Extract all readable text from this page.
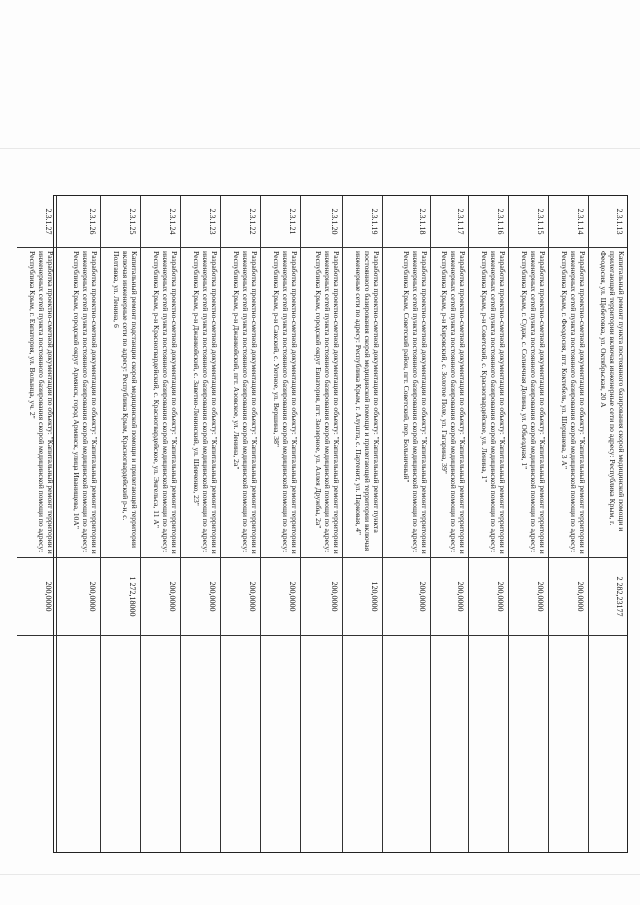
2.3.1.13
Капитальный ремонт пункта постоянного базирования скорой медицинской помощи и прилегающей территории включая инженерные сети по адресу: Республика Крым, г. Феодосия, ул. Щебетовка, ул. Октябрьская, 20 А
2 282,23177
2.3.1.14
Разработка проектно-сметной документации по объекту: "Капитальный ремонт территории и инженерных сетей пункта постоянного базирования скорой медицинской помощи по адресу: Республика Крым, г. Феодосия, пгт. Коктебель, ул. Шершнева, 3 А"
200,0000
2.3.1.15
Разработка проектно-сметной документации по объекту: "Капитальный ремонт территории и инженерных сетей пункта постоянного базирования скорой медицинской помощи по адресу: Республика Крым, г. Судак, с. Солнечная Долина, ул. Объездная, 1"
200,0000
2.3.1.16
Разработка проектно-сметной документации по объекту: "Капитальный ремонт территории и инженерных сетей пункта постоянного базирования скорой медицинской помощи по адресу: Республика Крым, р-н Советский, с. Красногвардейское, ул. Ленина, 1"
200,0000
2.3.1.17
Разработка проектно-сметной документации по объекту: "Капитальный ремонт территории и инженерных сетей пункта постоянного базирования скорой медицинской помощи по адресу: Республика Крым, р-н Кировский, с. Золотое Поле, ул. Гагарина, 39"
200,0000
2.3.1.18
Разработка проектно-сметной документации по объекту: "Капитальный ремонт территории и инженерных сетей пункта постоянного базирования скорой медицинской помощи по адресу: Республика Крым, Советский район, пгт. Советский, пер. Больничный"
200,0000
2.3.1.19
Разработка проектно-сметной документации по объекту: "Капитальный ремонт пункта постоянного базирования скорой медицинской помощи и прилегающей территории включая инженерные сети по адресу: Республика Крым, г. Алушта, с. Партенит, ул. Парковая, 4"
120,0000
2.3.1.20
Разработка проектно-сметной документации по объекту: "Капитальный ремонт территории и инженерных сетей пункта постоянного базирования скорой медицинской помощи по адресу: Республика Крым, городской округ Евпатория, пгт. Заозерное, ул. Аллея Дружбы, 2а"
200,0000
2.3.1.21
Разработка проектно-сметной документации по объекту: "Капитальный ремонт территории и инженерных сетей пункта постоянного базирования скорой медицинской помощи по адресу: Республика Крым, р-н Сакский, с. Уютное, ул. Вершина, 38"
200,0000
2.3.1.22
Разработка проектно-сметной документации по объекту: "Капитальный ремонт территории и инженерных сетей пункта постоянного базирования скорой медицинской помощи по адресу: Республика Крым, р-н Джанкойский, пгт. Азовское, ул. Ленина, 2а"
200,0000
2.3.1.23
Разработка проектно-сметной документации по объекту: "Капитальный ремонт территории и инженерных сетей пункта постоянного базирования скорой медицинской помощи по адресу: Республика Крым, р-н Джанкойский, с. Заветно-Ленинский, ул. Шевченко, 23"
200,0000
2.3.1.24
Разработка проектно-сметной документации по объекту: "Капитальный ремонт территории и инженерных сетей пункта постоянного базирования скорой медицинской помощи по адресу: Республика Крым, р-н Красногвардейский, с. Красногвардейское, ул. Энгельса, 11 А"
200,0000
2.3.1.25
Капитальный ремонт подстанции скорой медицинской помощи и прилегающей территории включая инженерные сети по адресу: Республика Крым, Красногвардейский р-н, с. Полтавка, ул. Ленина, 6
1 272,18000
2.3.1.26
Разработка проектно-сметной документации по объекту: "Капитальный ремонт территории и инженерных сетей пункта постоянного базирования скорой медицинской помощи по адресу: Республика Крым, городской округ Армянск, город Армянск, улица Иванищева, 10А"
200,0000
2.3.1.27
Разработка проектно-сметной документации по объекту: "Капитальный ремонт территории и инженерных сетей пункта постоянного базирования скорой медицинской помощи по адресу: Республика Крым, г. Евпатория, ул. Волынца, уч. 2"
200,0000
